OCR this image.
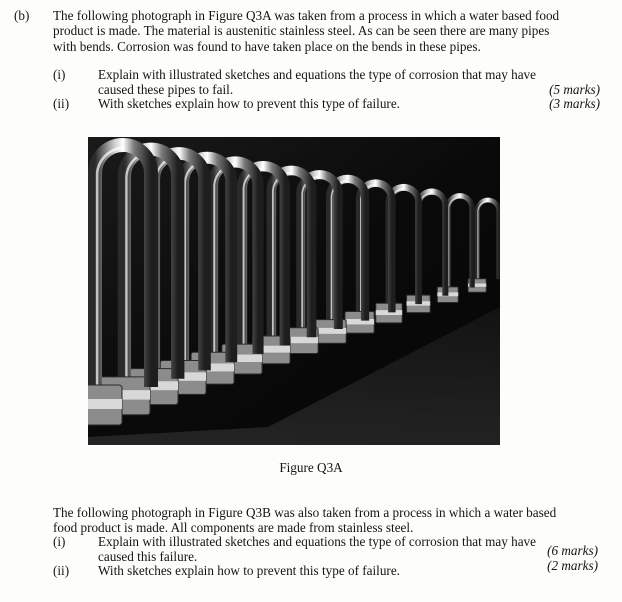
(b) The following photograph in Figure Q3A was taken from a process in which a water based food
product is made. The material is austenitic stainless steel. As can be seen there are many pipes
with bends. Corrosion was found to have taken place on the bends in these pipes.
(i) Explain with illustrated sketches and equations the type of corrosion that may have
caused these pipes to fail.	(5 marks)
(ii) With sketches explain how to prevent this type of failure.	(3 marks)
Figure Q3A
The following photograph in Figure Q3B was also taken from a process in which a water based
food product is made. All components are made from stainless steel.
(i) Explain with illustrated sketches and equations the type of corrosion that may have
caused this failure.	(6 marks)
(ii) With sketches explain how to prevent this type of failure.	(2 marks)
